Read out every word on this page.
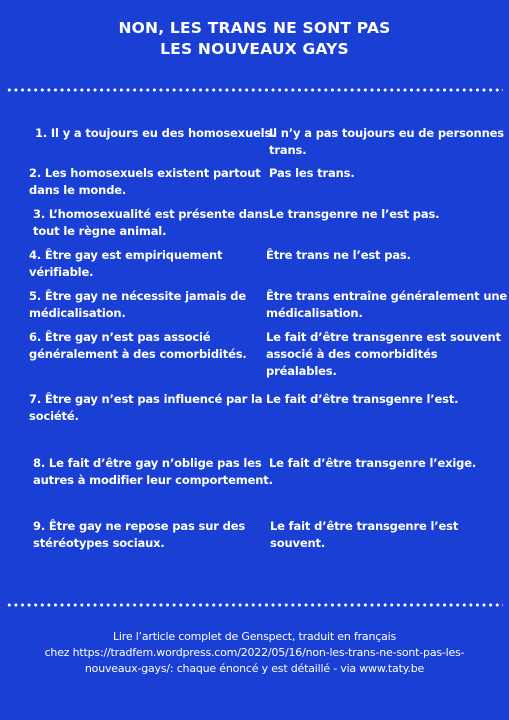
NON, LES TRANS NE SONT PAS
LES NOUVEAUX GAYS
1. Il y a toujours eu des homosexuels.
Il n’y a pas toujours eu de personnes
trans.
2. Les homosexuels existent partout
dans le monde.
Pas les trans.
3. L’homosexualité est présente dans
tout le règne animal.
Le transgenre ne l’est pas.
4. Être gay est empiriquement
vérifiable.
Être trans ne l’est pas.
5. Être gay ne nécessite jamais de
médicalisation.
Être trans entraîne généralement une
médicalisation.
6. Être gay n’est pas associé
généralement à des comorbidités.
Le fait d’être transgenre est souvent
associé à des comorbidités préalables.
7. Être gay n’est pas influencé par la
société.
Le fait d’être transgenre l’est.
8. Le fait d’être gay n’oblige pas les
autres à modifier leur comportement.
Le fait d’être transgenre l’exige.
9. Être gay ne repose pas sur des
stéréotypes sociaux.
Le fait d’être transgenre l’est souvent.
Lire l’article complet de Genspect, traduit en français
chez https://tradfem.wordpress.com/2022/05/16/non-les-trans-ne-sont-pas-les-
nouveaux-gays/: chaque énoncé y est détaillé - via www.taty.be
